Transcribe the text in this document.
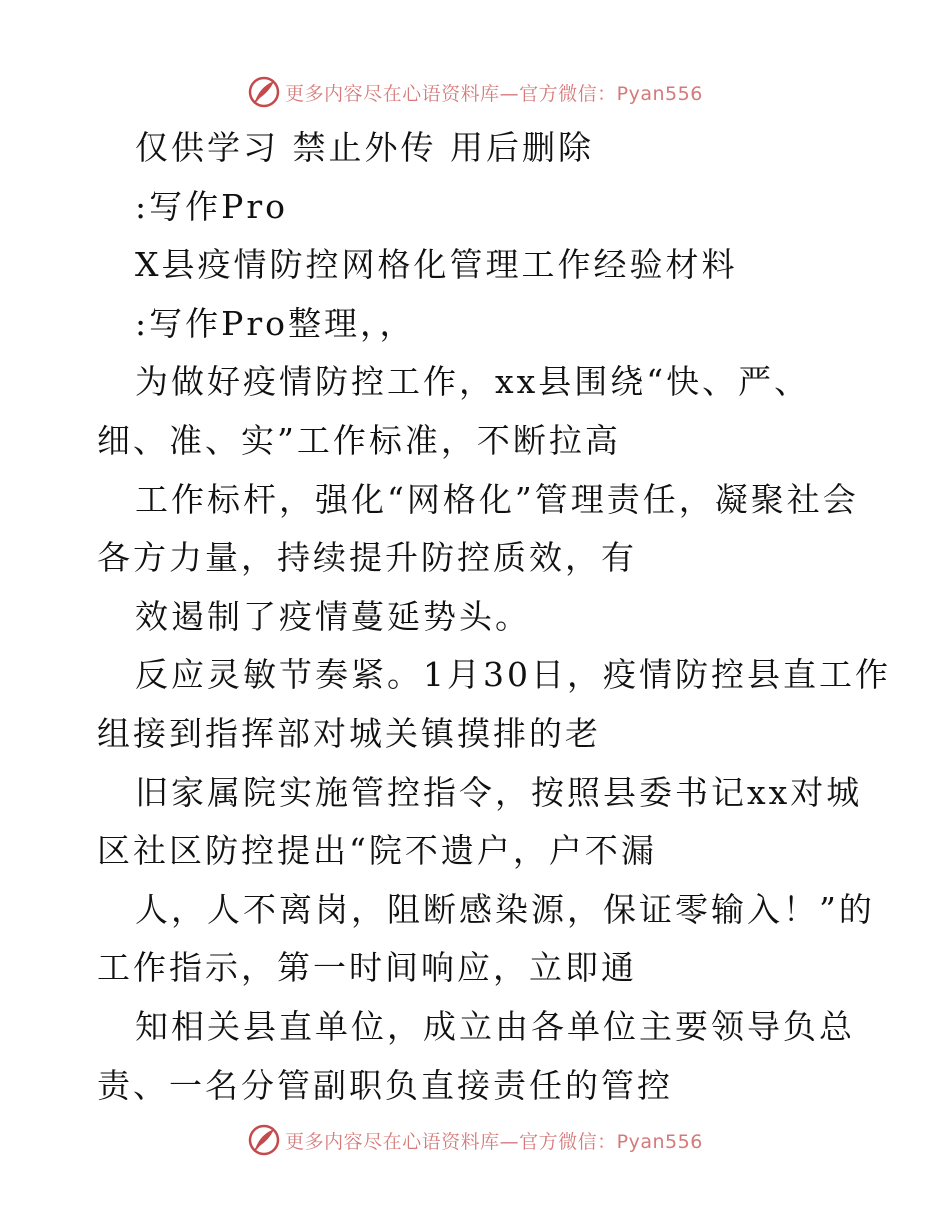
更多内容尽在心语资料库—官方微信：Pyan556
仅供学习 禁止外传 用后删除
:写作Pro
X县疫情防控网格化管理工作经验材料
:写作Pro整理，，
为做好疫情防控工作，xx县围绕“快、严、
细、准、实”工作标准，不断拉高
工作标杆，强化“网格化”管理责任，凝聚社会
各方力量，持续提升防控质效，有
效遏制了疫情蔓延势头。
反应灵敏节奏紧。1月30日，疫情防控县直工作
组接到指挥部对城关镇摸排的老
旧家属院实施管控指令，按照县委书记xx对城
区社区防控提出“院不遗户，户不漏
人，人不离岗，阻断感染源，保证零输入！”的
工作指示，第一时间响应，立即通
知相关县直单位，成立由各单位主要领导负总
责、一名分管副职负直接责任的管控
更多内容尽在心语资料库—官方微信：Pyan556
